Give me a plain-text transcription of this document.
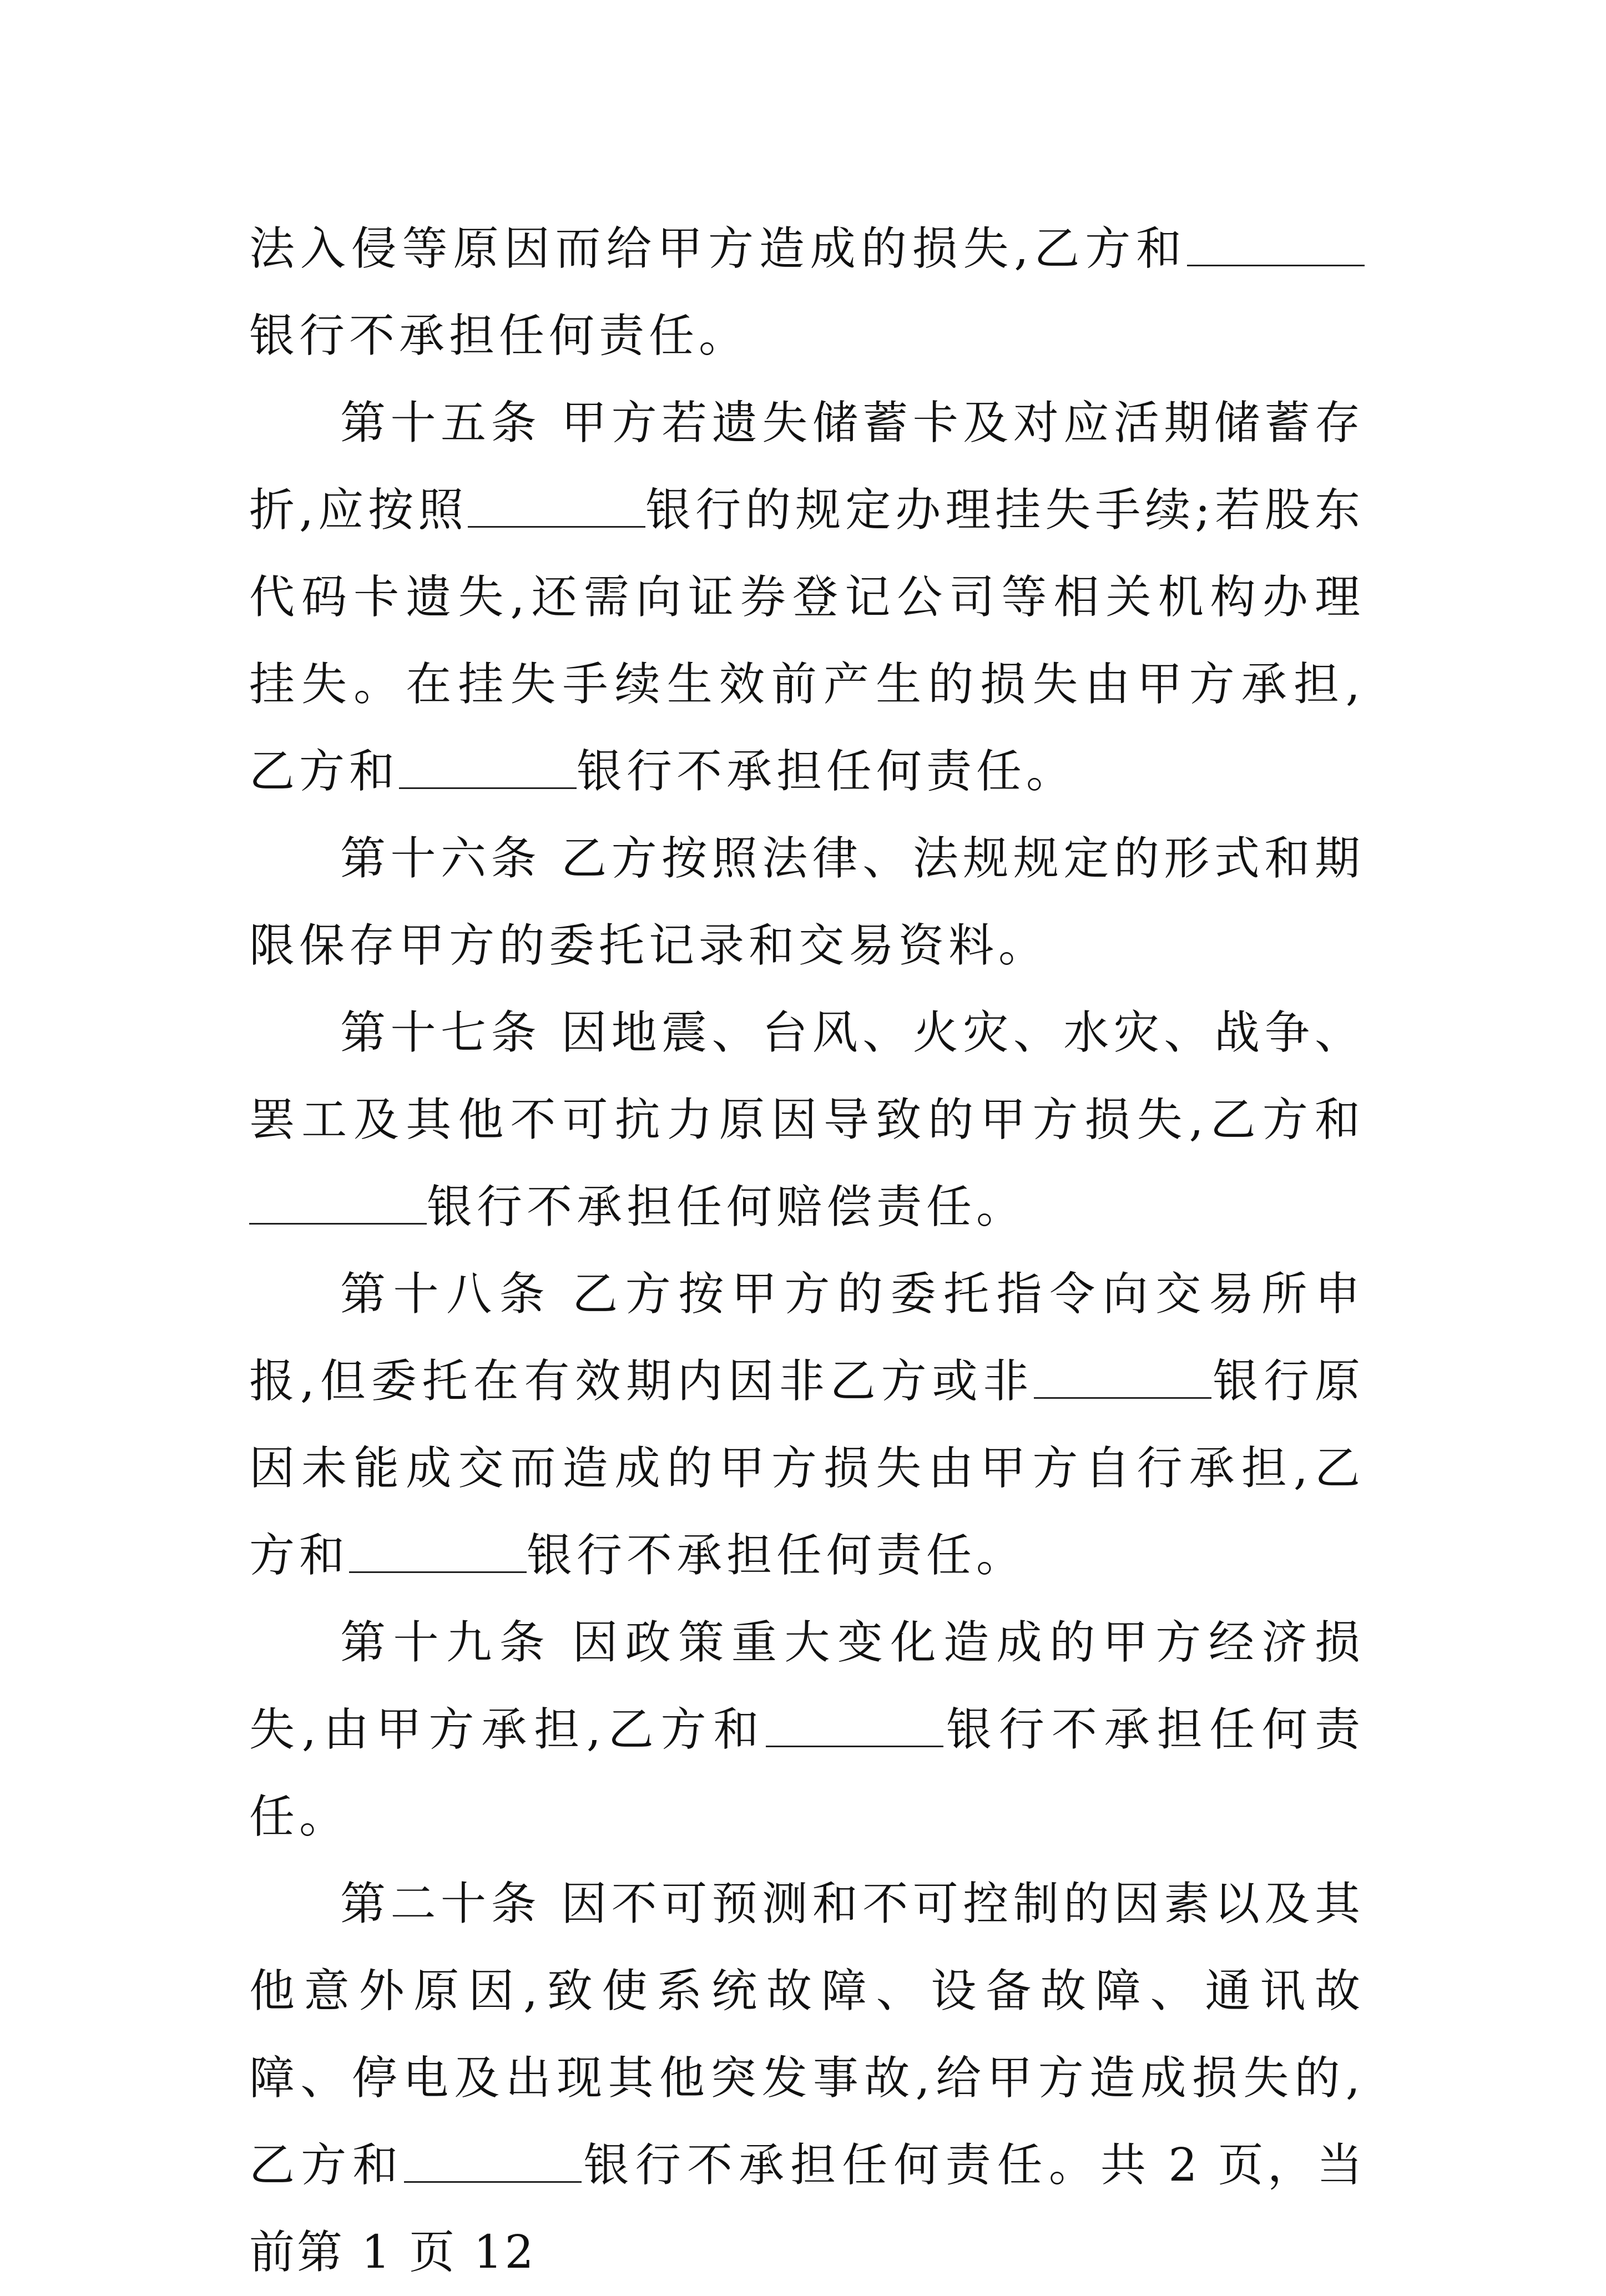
法入侵等原因而给甲方造成的损失,乙方和银行不承担任何责任。

第十五条 甲方若遗失储蓄卡及对应活期储蓄存折,应按照	银行的规定办理挂失手续;若股东代码卡遗失,还需向证券登记公司等相关机构办理挂失。在挂失手续生效前产生的损失由甲方承担,乙方和	银行不承担任何责任。

第十六条 乙方按照法律、法规规定的形式和期限保存甲方的委托记录和交易资料。

第十七条 因地震、台风、火灾、水灾、战争、罢工及其他不可抗力原因导致的甲方损失,乙方和银行不承担任何赔偿责任。

第十八条 乙方按甲方的委托指令向交易所申报,但委托在有效期内因非乙方或非	银行原因未能成交而造成的甲方损失由甲方自行承担,乙方和	银行不承担任何责任。

第十九条 因政策重大变化造成的甲方经济损失,由甲方承担,乙方和	银行不承担任何责任。

第二十条 因不可预测和不可控制的因素以及其他意外原因,致使系统故障、设备故障、通讯故障、停电及出现其他突发事故,给甲方造成损失的,乙方和	银行不承担任何责任。共 2 页，当前第 1 页 12
